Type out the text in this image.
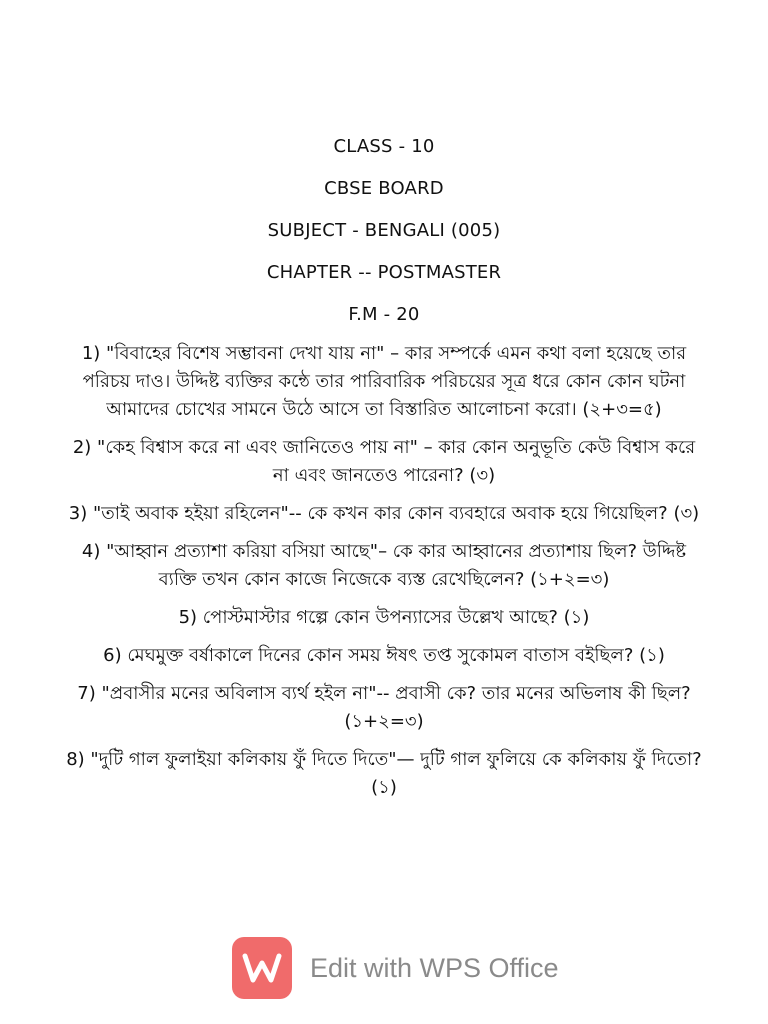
CLASS - 10
CBSE BOARD
SUBJECT - BENGALI (005)
CHAPTER -- POSTMASTER
F.M - 20

1) "বিবাহের বিশেষ সম্ভাবনা দেখা যায় না" – কার সম্পর্কে এমন কথা বলা হয়েছে তার পরিচয় দাও। উদ্দিষ্ট ব্যক্তির কন্ঠে তার পারিবারিক পরিচয়ের সূত্র ধরে কোন কোন ঘটনা আমাদের চোখের সামনে উঠে আসে তা বিস্তারিত আলোচনা করো। (২+৩=৫)

2) "কেহ বিশ্বাস করে না এবং জানিতেও পায় না" – কার কোন অনুভূতি কেউ বিশ্বাস করে না এবং জানতেও পারেনা? (৩)

3) "তাই অবাক হইয়া রহিলেন"-- কে কখন কার কোন ব্যবহারে অবাক হয়ে গিয়েছিল? (৩)

4) "আহ্বান প্রত্যাশা করিয়া বসিয়া আছে"– কে কার আহ্বানের প্রত্যাশায় ছিল? উদ্দিষ্ট ব্যক্তি তখন কোন কাজে নিজেকে ব্যস্ত রেখেছিলেন? (১+২=৩)

5) পোস্টমাস্টার গল্পে কোন উপন্যাসের উল্লেখ আছে? (১)

6) মেঘমুক্ত বর্ষাকালে দিনের কোন সময় ঈষৎ তপ্ত সুকোমল বাতাস বইছিল? (১)

7) "প্রবাসীর মনের অবিলাস ব্যর্থ হইল না"-- প্রবাসী কে? তার মনের অভিলাষ কী ছিল? (১+২=৩)

8) "দুটি গাল ফুলাইয়া কলিকায় ফুঁ দিতে দিতে"— দুটি গাল ফুলিয়ে কে কলিকায় ফুঁ দিতো? (১)

Edit with WPS Office
